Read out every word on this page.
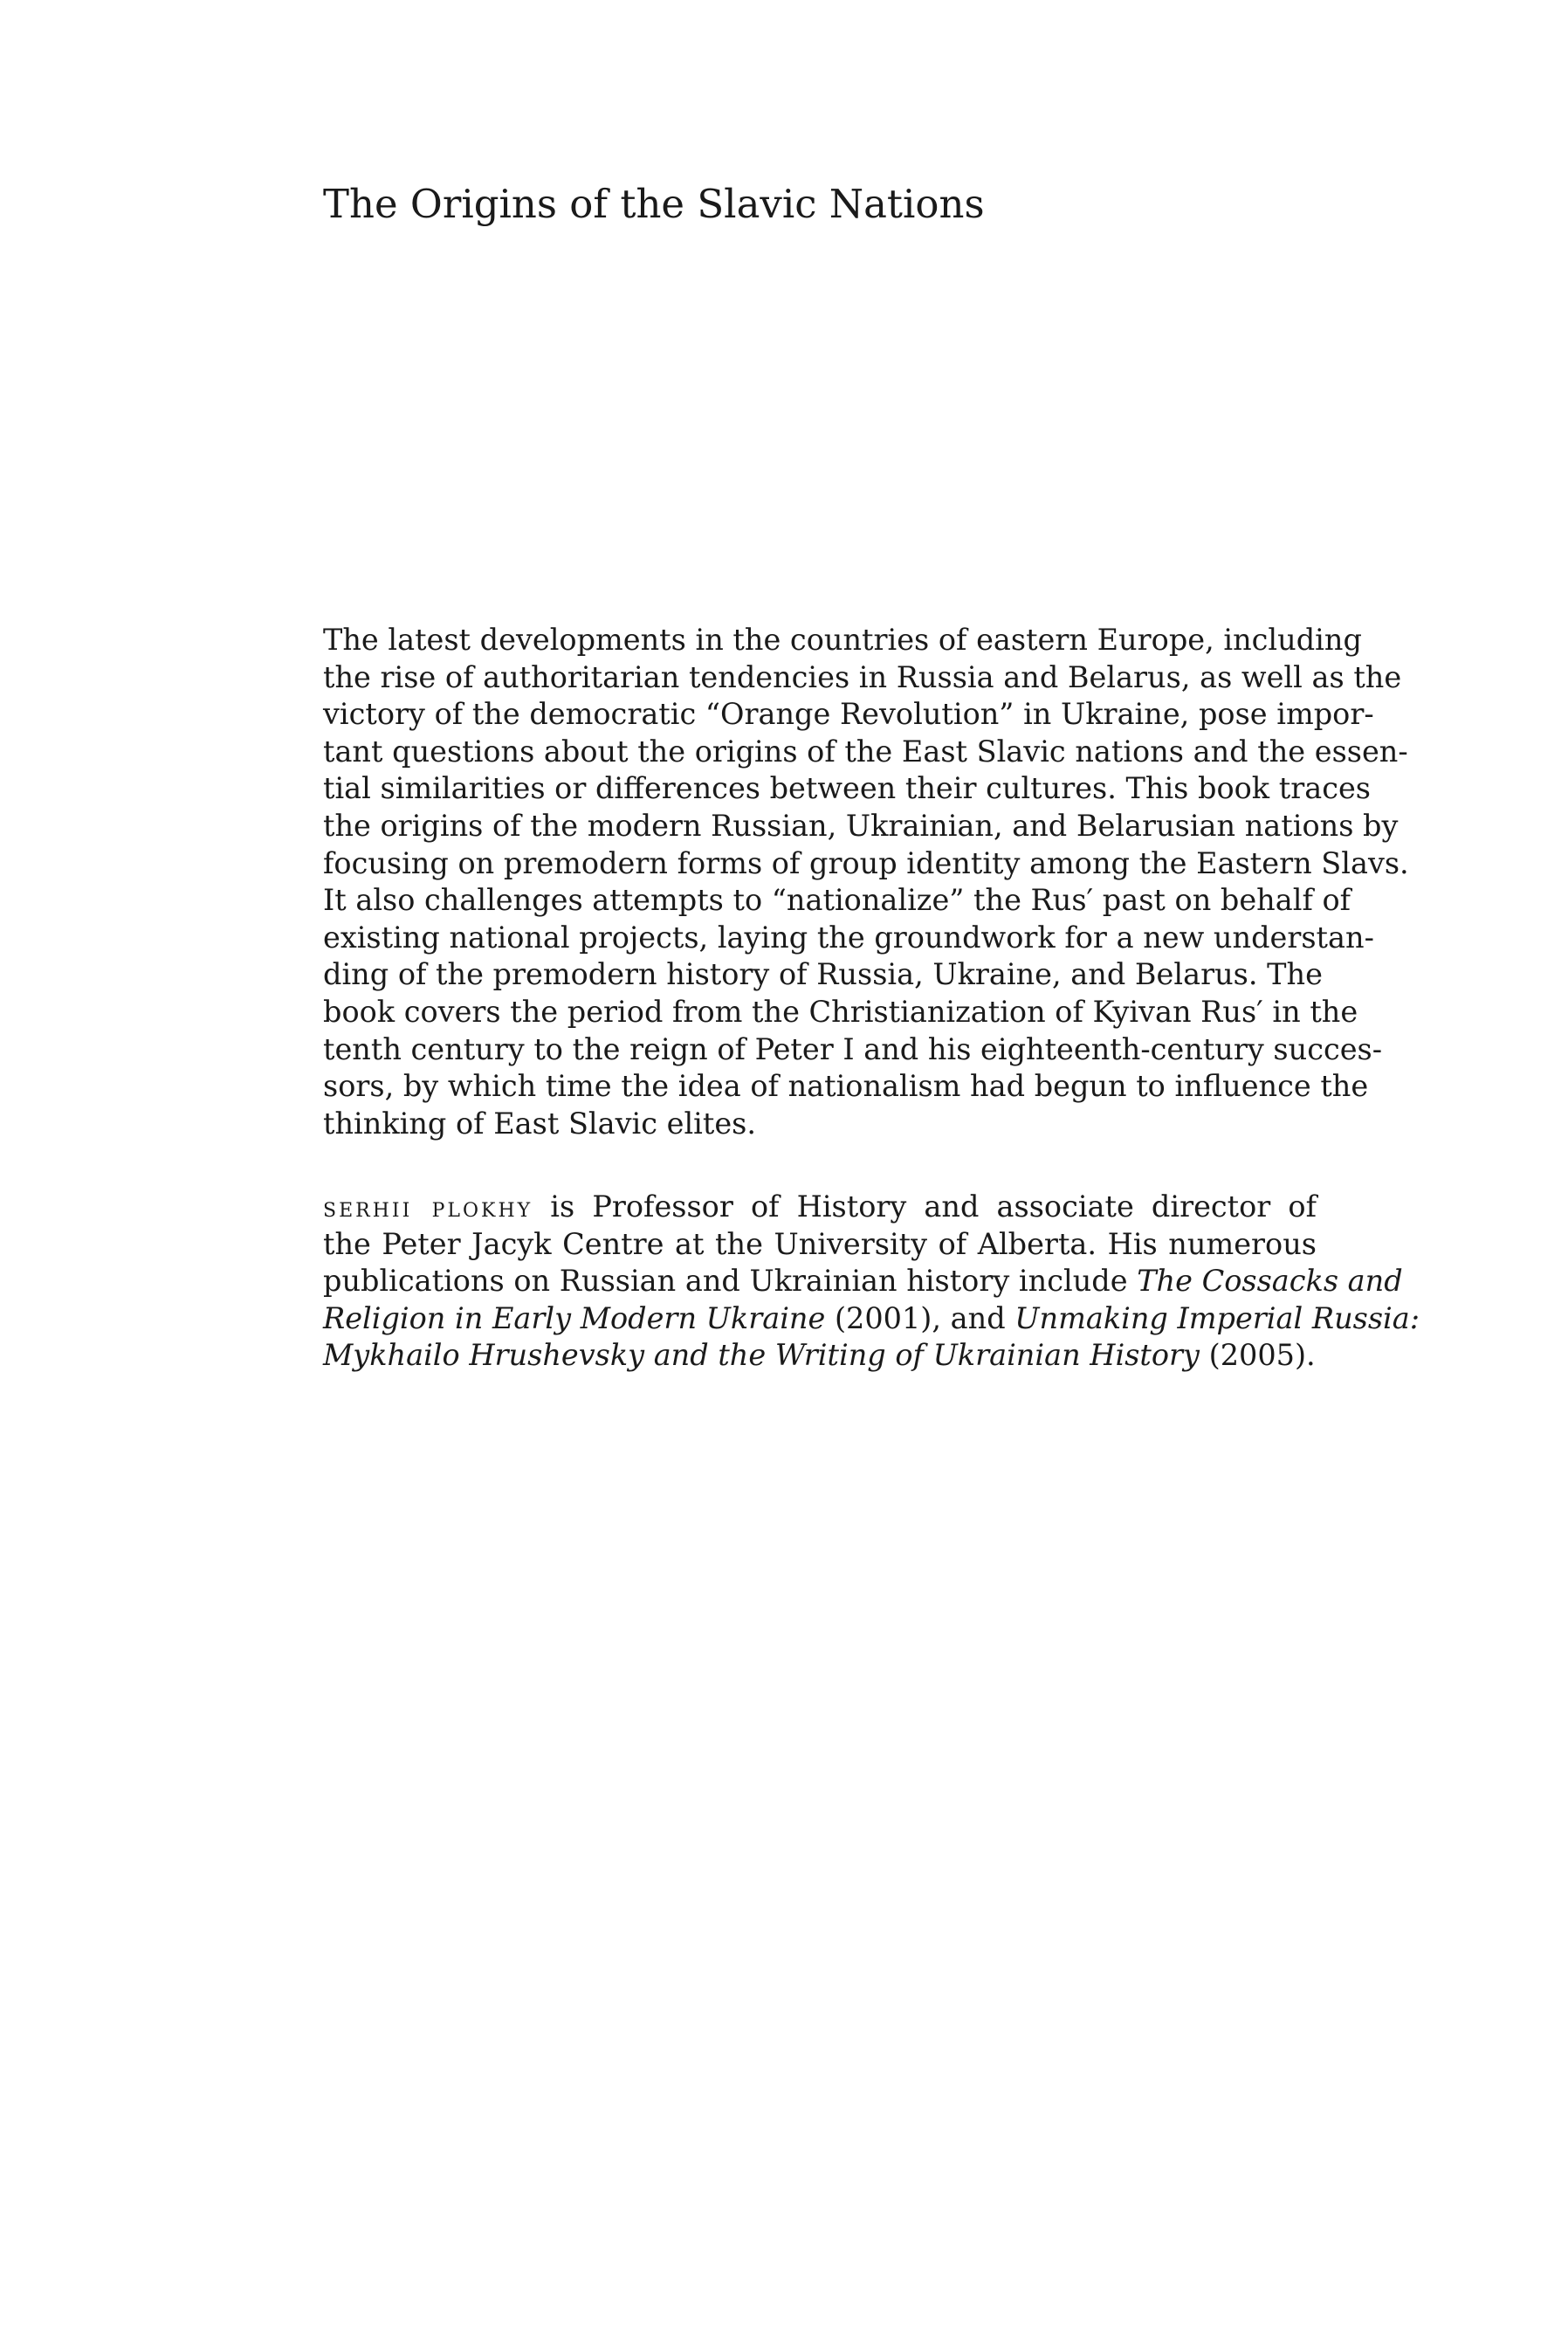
The Origins of the Slavic Nations
The latest developments in the countries of eastern Europe, including
the rise of authoritarian tendencies in Russia and Belarus, as well as the
victory of the democratic “Orange Revolution” in Ukraine, pose impor-
tant questions about the origins of the East Slavic nations and the essen-
tial similarities or differences between their cultures. This book traces
the origins of the modern Russian, Ukrainian, and Belarusian nations by
focusing on premodern forms of group identity among the Eastern Slavs.
It also challenges attempts to “nationalize” the Rus′ past on behalf of
existing national projects, laying the groundwork for a new understan-
ding of the premodern history of Russia, Ukraine, and Belarus. The
book covers the period from the Christianization of Kyivan Rus′ in the
tenth century to the reign of Peter I and his eighteenth-century succes-
sors, by which time the idea of nationalism had begun to influence the
thinking of East Slavic elites.
serhii plokhy is Professor of History and associate director of
the Peter Jacyk Centre at the University of Alberta. His numerous
publications on Russian and Ukrainian history include The Cossacks and
Religion in Early Modern Ukraine (2001), and Unmaking Imperial Russia:
Mykhailo Hrushevsky and the Writing of Ukrainian History (2005).
